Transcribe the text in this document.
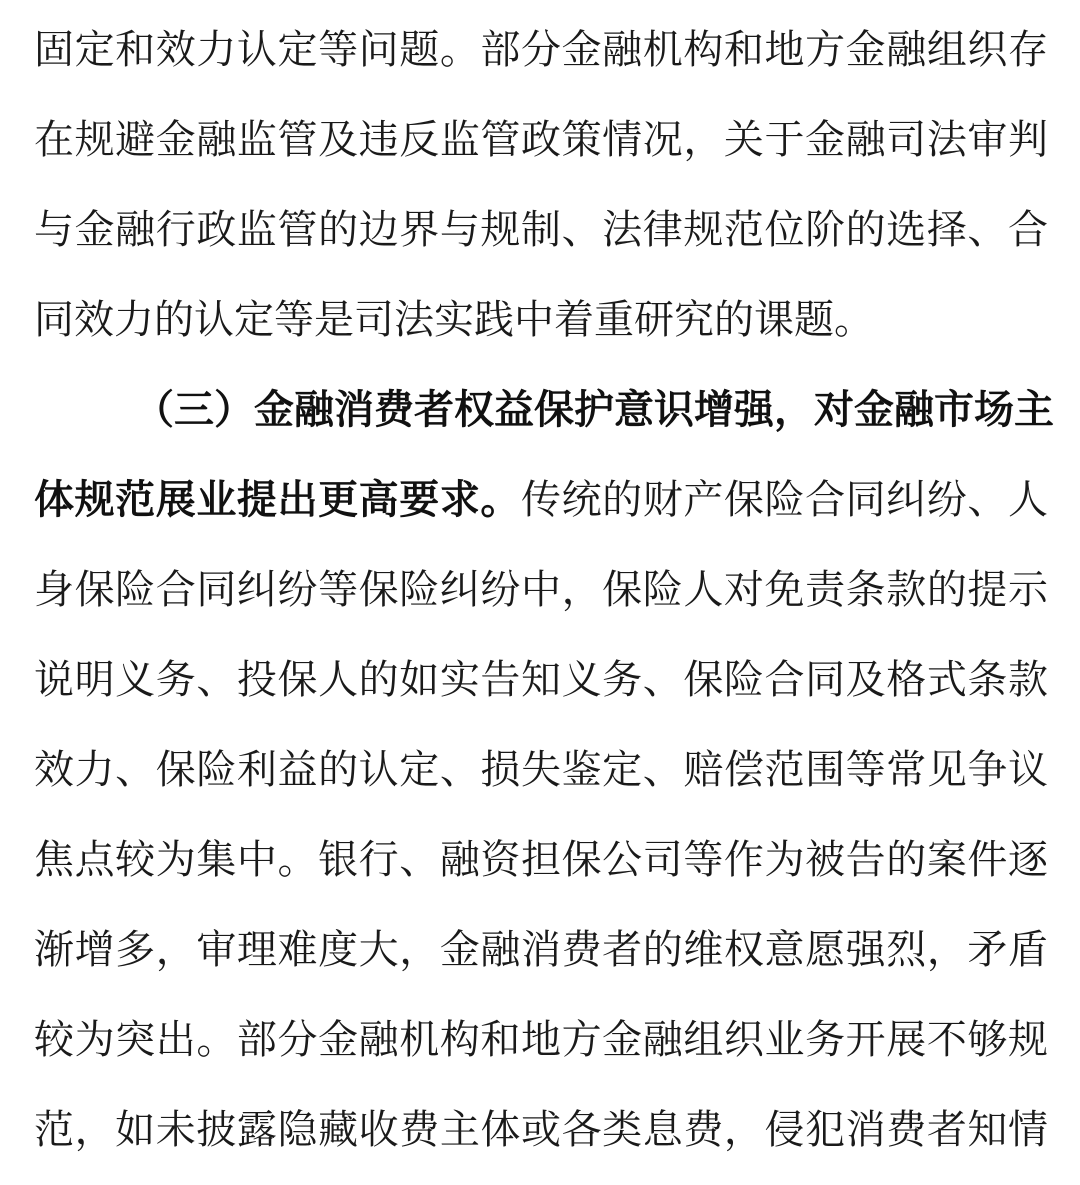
固定和效力认定等问题。部分金融机构和地方金融组织存
在规避金融监管及违反监管政策情况，关于金融司法审判
与金融行政监管的边界与规制、法律规范位阶的选择、合
同效力的认定等是司法实践中着重研究的课题。
（三）金融消费者权益保护意识增强，对金融市场主
体规范展业提出更高要求。传统的财产保险合同纠纷、人
身保险合同纠纷等保险纠纷中，保险人对免责条款的提示
说明义务、投保人的如实告知义务、保险合同及格式条款
效力、保险利益的认定、损失鉴定、赔偿范围等常见争议
焦点较为集中。银行、融资担保公司等作为被告的案件逐
渐增多，审理难度大，金融消费者的维权意愿强烈，矛盾
较为突出。部分金融机构和地方金融组织业务开展不够规
范，如未披露隐藏收费主体或各类息费，侵犯消费者知情
